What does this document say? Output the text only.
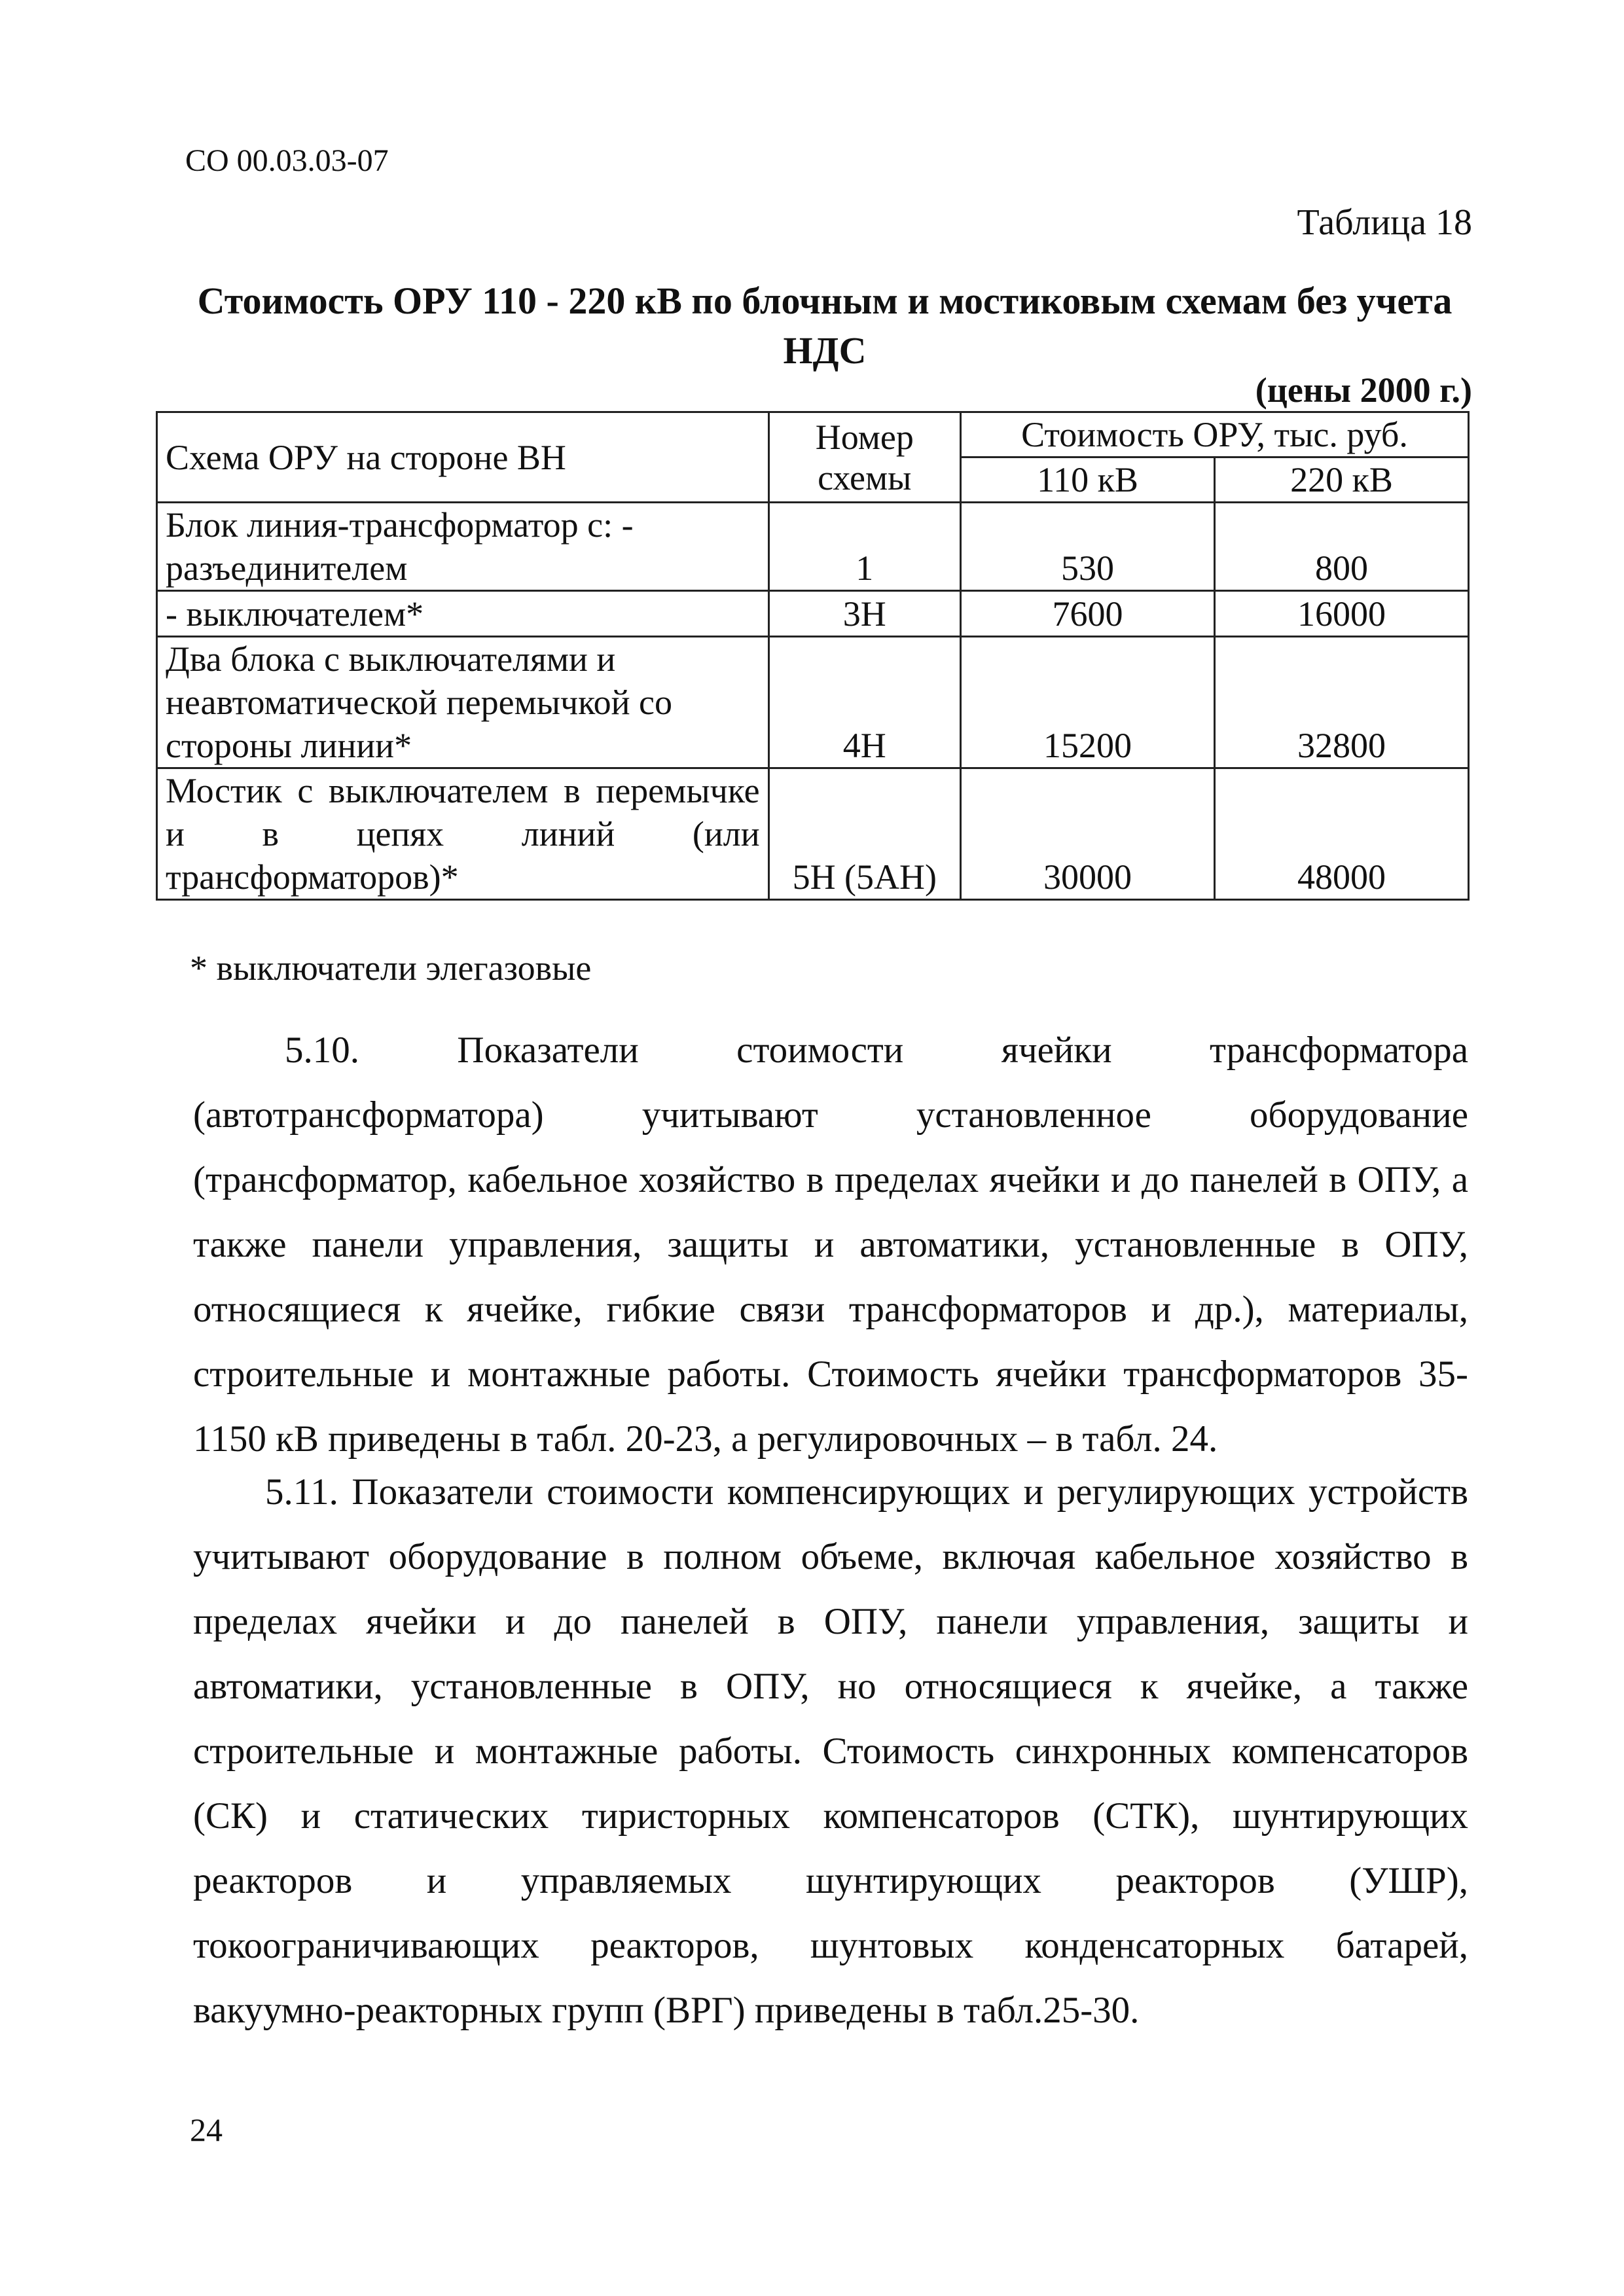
СО 00.03.03-07
Таблица 18
Стоимость ОРУ 110 - 220 кВ по блочным и мостиковым схемам без учета НДС
(цены 2000 г.)
Схема ОРУ на стороне ВН	Номер схемы	Стоимость ОРУ, тыс. руб.	
		110 кВ	220 кВ
Блок линия-трансформатор с: - разъединителем	1	530	800
- выключателем*	3Н	7600	16000
Два блока с выключателями и неавтоматической перемычкой со стороны линии*	4Н	15200	32800
Мостик с выключателем в перемычке и в цепях линий (или трансформаторов)*	5Н (5АН)	30000	48000
* выключатели элегазовые

5.10. Показатели стоимости ячейки трансформатора (автотрансформатора) учитывают установленное оборудование (трансформатор, кабельное хозяйство в пределах ячейки и до панелей в ОПУ, а также панели управления, защиты и автоматики, установленные в ОПУ, относящиеся к ячейке, гибкие связи трансформаторов и др.), материалы, строительные и монтажные работы. Стоимость ячейки трансформаторов 35-1150 кВ приведены в табл. 20-23, а регулировочных – в табл. 24.

5.11. Показатели стоимости компенсирующих и регулирующих устройств учитывают оборудование в полном объеме, включая кабельное хозяйство в пределах ячейки и до панелей в ОПУ, панели управления, защиты и автоматики, установленные в ОПУ, но относящиеся к ячейке, а также строительные и монтажные работы. Стоимость синхронных компенсаторов (СК) и статических тиристорных компенсаторов (СТК), шунтирующих реакторов и управляемых шунтирующих реакторов (УШР), токоограничивающих реакторов, шунтовых конденсаторных батарей, вакуумно-реакторных групп (ВРГ) приведены в табл.25-30.

24
